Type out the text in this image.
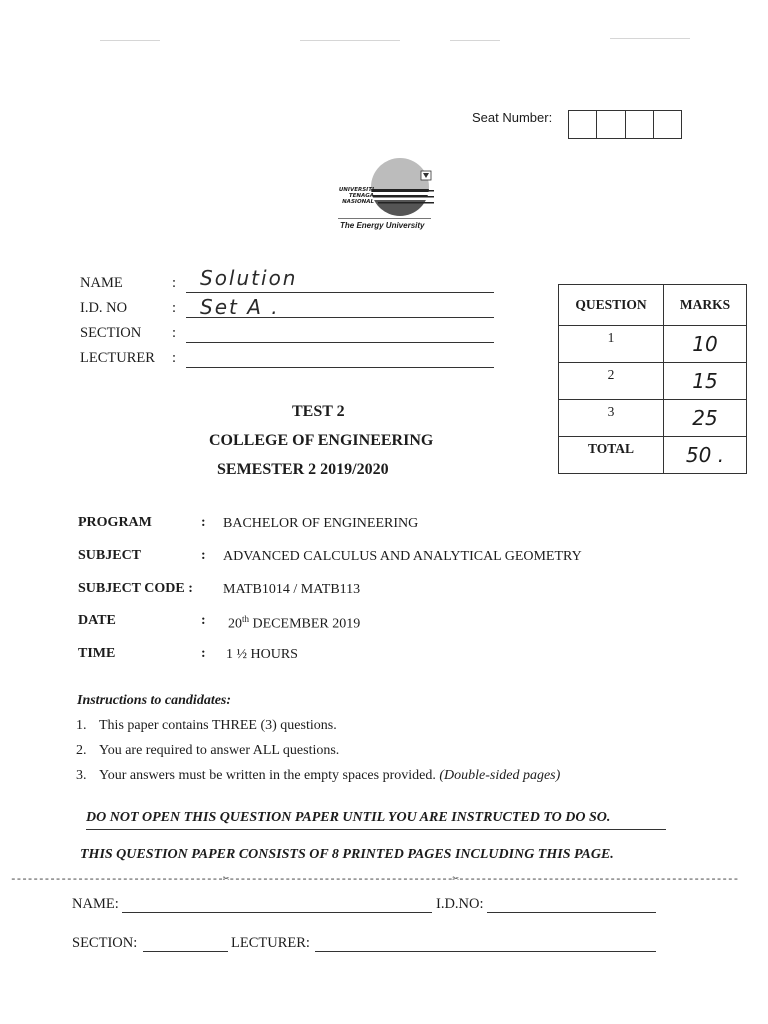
Seat Number:
UNIVERSITI
TENAGA
NASIONAL
The Energy University
NAME	: Solution
I.D. NO	: Set A .
SECTION :
LECTURER :
QUESTION	MARKS
1	10
2	15
3	25
TOTAL	50 .
TEST 2
COLLEGE OF ENGINEERING
SEMESTER 2 2019/2020
PROGRAM	: BACHELOR OF ENGINEERING
SUBJECT	: ADVANCED CALCULUS AND ANALYTICAL GEOMETRY
SUBJECT CODE : MATB1014 / MATB113
DATE	: 20th DECEMBER 2019
TIME	: 1 ½ HOURS
Instructions to candidates:
1. This paper contains THREE (3) questions.
2. You are required to answer ALL questions.
3. Your answers must be written in the empty spaces provided. (Double-sided pages)
DO NOT OPEN THIS QUESTION PAPER UNTIL YOU ARE INSTRUCTED TO DO SO.
THIS QUESTION PAPER CONSISTS OF 8 PRINTED PAGES INCLUDING THIS PAGE.
--------------------------------------✂----------------------------------------✂--------------------------------------------------
NAME:	I.D.NO:
SECTION:	LECTURER:
